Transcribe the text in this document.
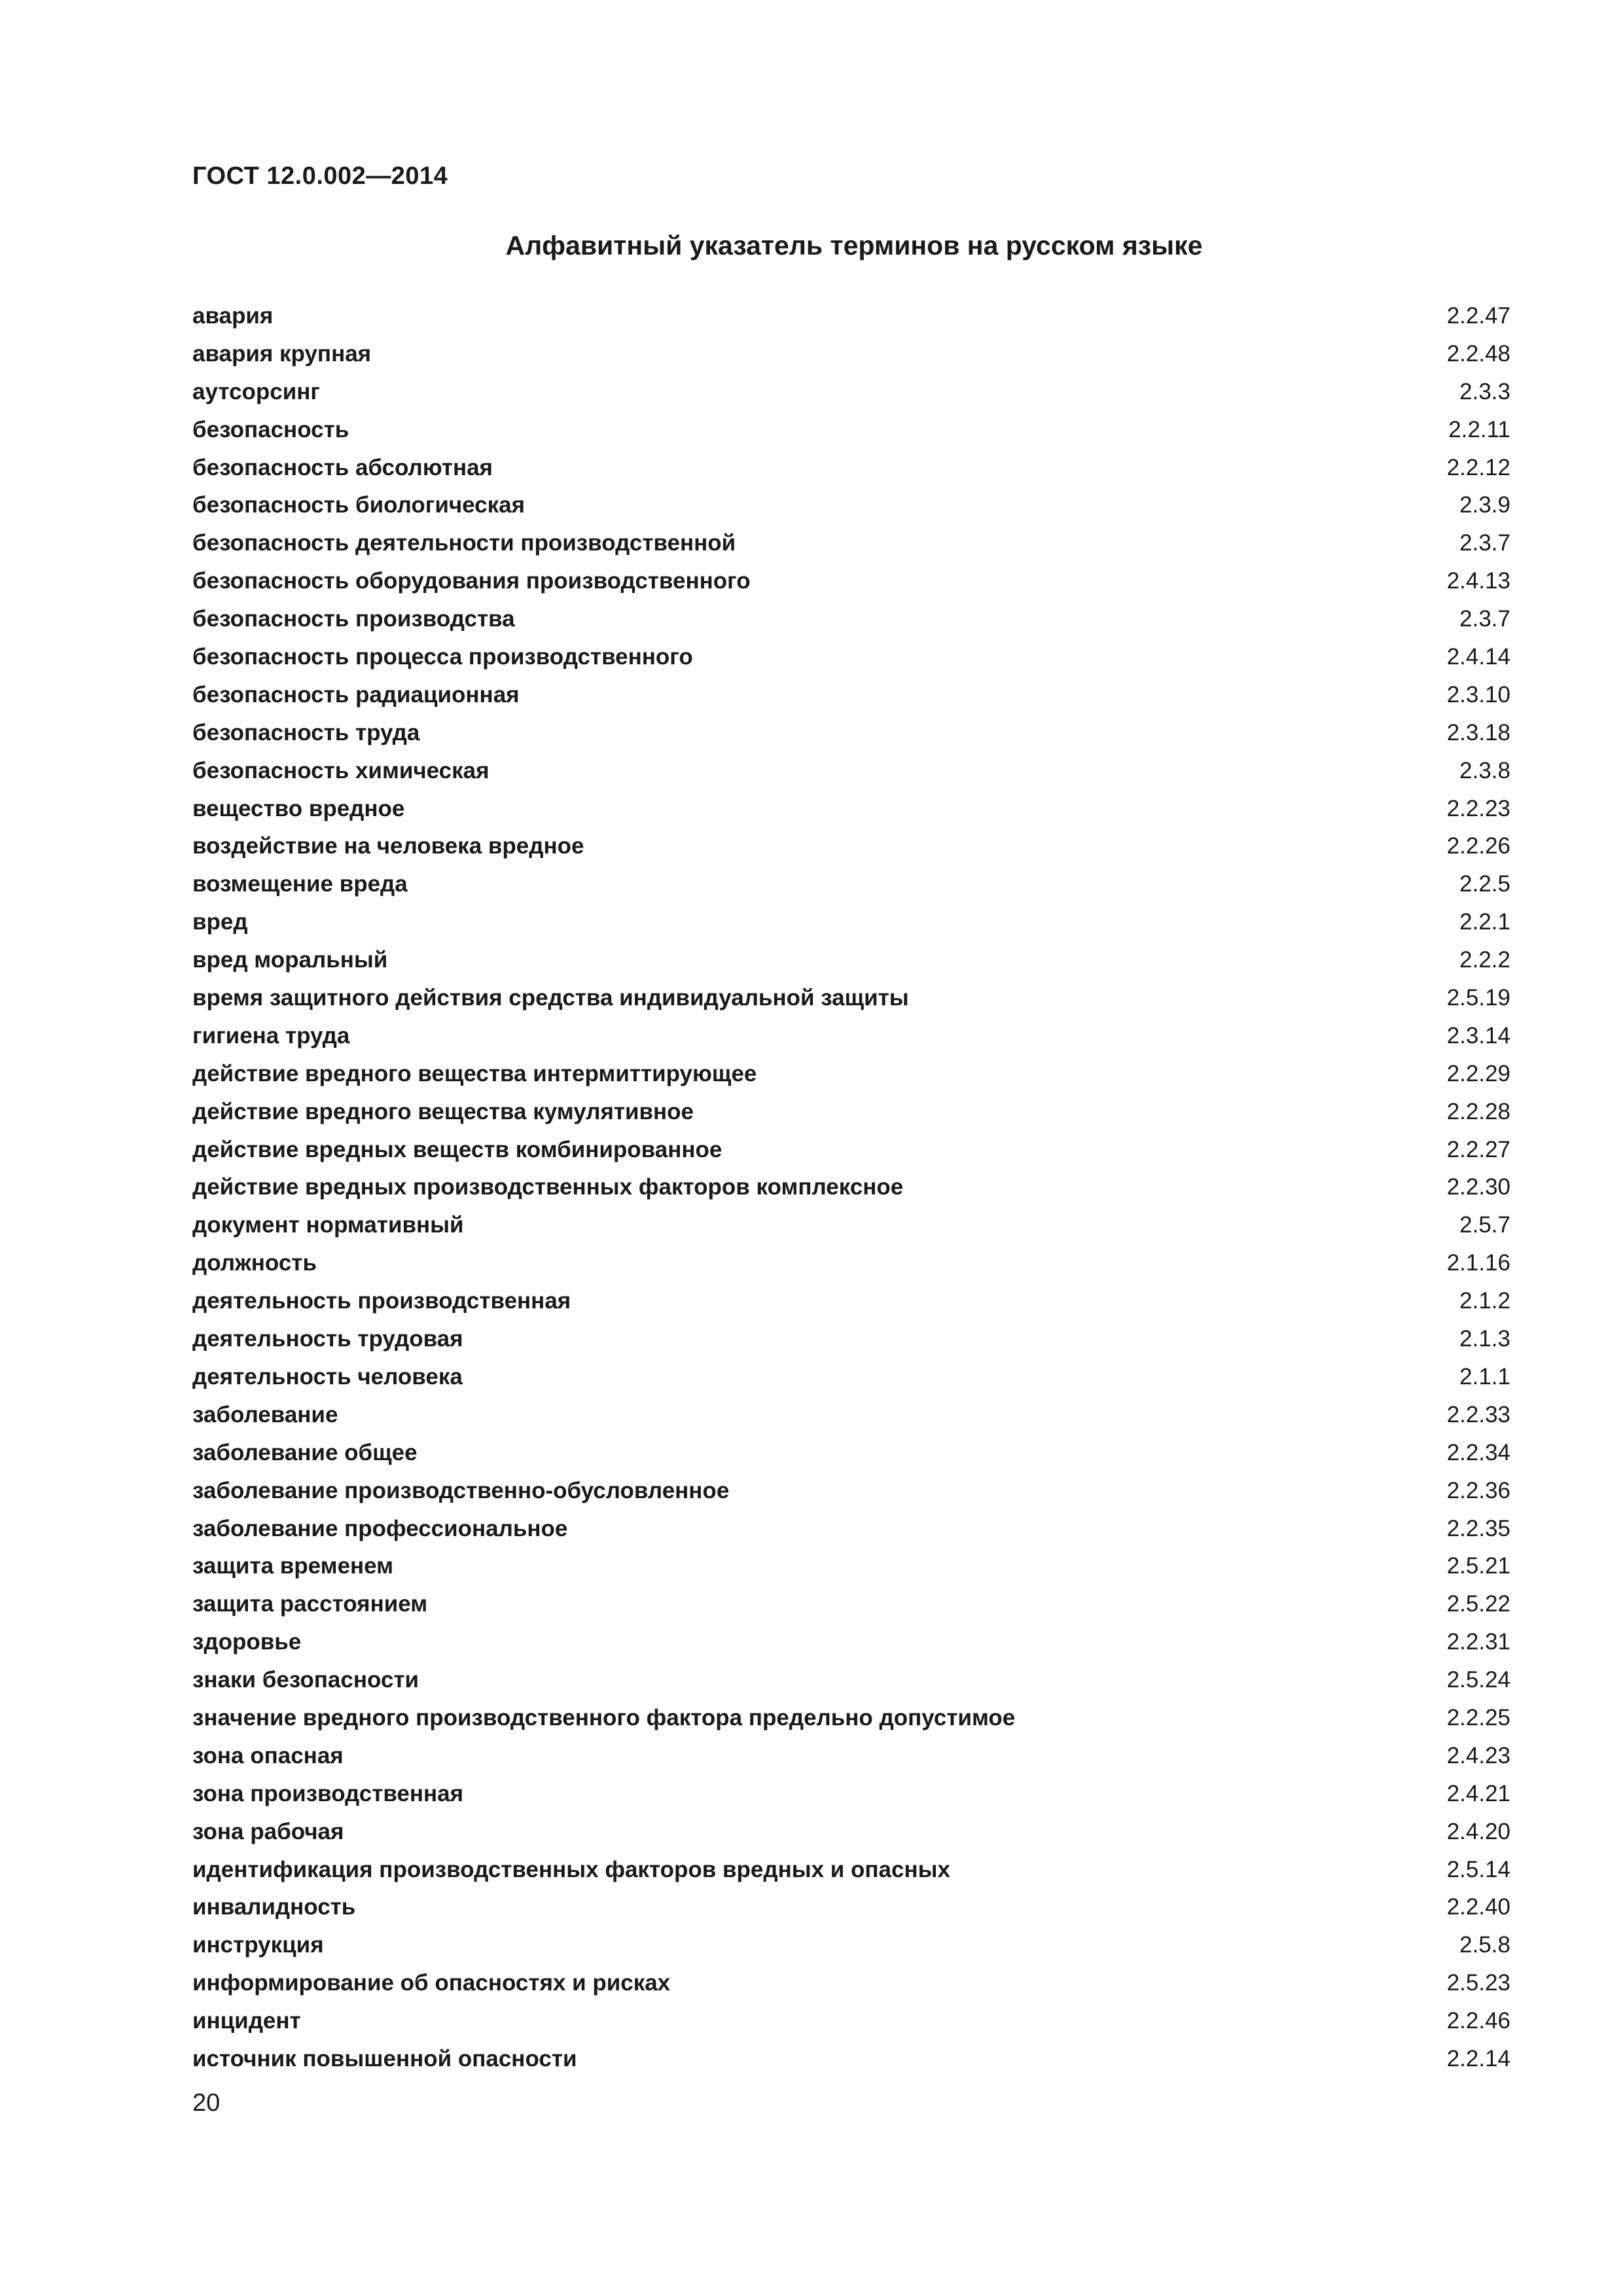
ГОСТ 12.0.002—2014
Алфавитный указатель терминов на русском языке
авария	2.2.47
авария крупная	2.2.48
аутсорсинг	2.3.3
безопасность	2.2.11
безопасность абсолютная	2.2.12
безопасность биологическая	2.3.9
безопасность деятельности производственной	2.3.7
безопасность оборудования производственного	2.4.13
безопасность производства	2.3.7
безопасность процесса производственного	2.4.14
безопасность радиационная	2.3.10
безопасность труда	2.3.18
безопасность химическая	2.3.8
вещество вредное	2.2.23
воздействие на человека вредное	2.2.26
возмещение вреда	2.2.5
вред	2.2.1
вред моральный	2.2.2
время защитного действия средства индивидуальной защиты	2.5.19
гигиена труда	2.3.14
действие вредного вещества интермиттирующее	2.2.29
действие вредного вещества кумулятивное	2.2.28
действие вредных веществ комбинированное	2.2.27
действие вредных производственных факторов комплексное	2.2.30
документ нормативный	2.5.7
должность	2.1.16
деятельность производственная	2.1.2
деятельность трудовая	2.1.3
деятельность человека	2.1.1
заболевание	2.2.33
заболевание общее	2.2.34
заболевание производственно-обусловленное	2.2.36
заболевание профессиональное	2.2.35
защита временем	2.5.21
защита расстоянием	2.5.22
здоровье	2.2.31
знаки безопасности	2.5.24
значение вредного производственного фактора предельно допустимое	2.2.25
зона опасная	2.4.23
зона производственная	2.4.21
зона рабочая	2.4.20
идентификация производственных факторов вредных и опасных	2.5.14
инвалидность	2.2.40
инструкция	2.5.8
информирование об опасностях и рисках	2.5.23
инцидент	2.2.46
источник повышенной опасности	2.2.14
20
